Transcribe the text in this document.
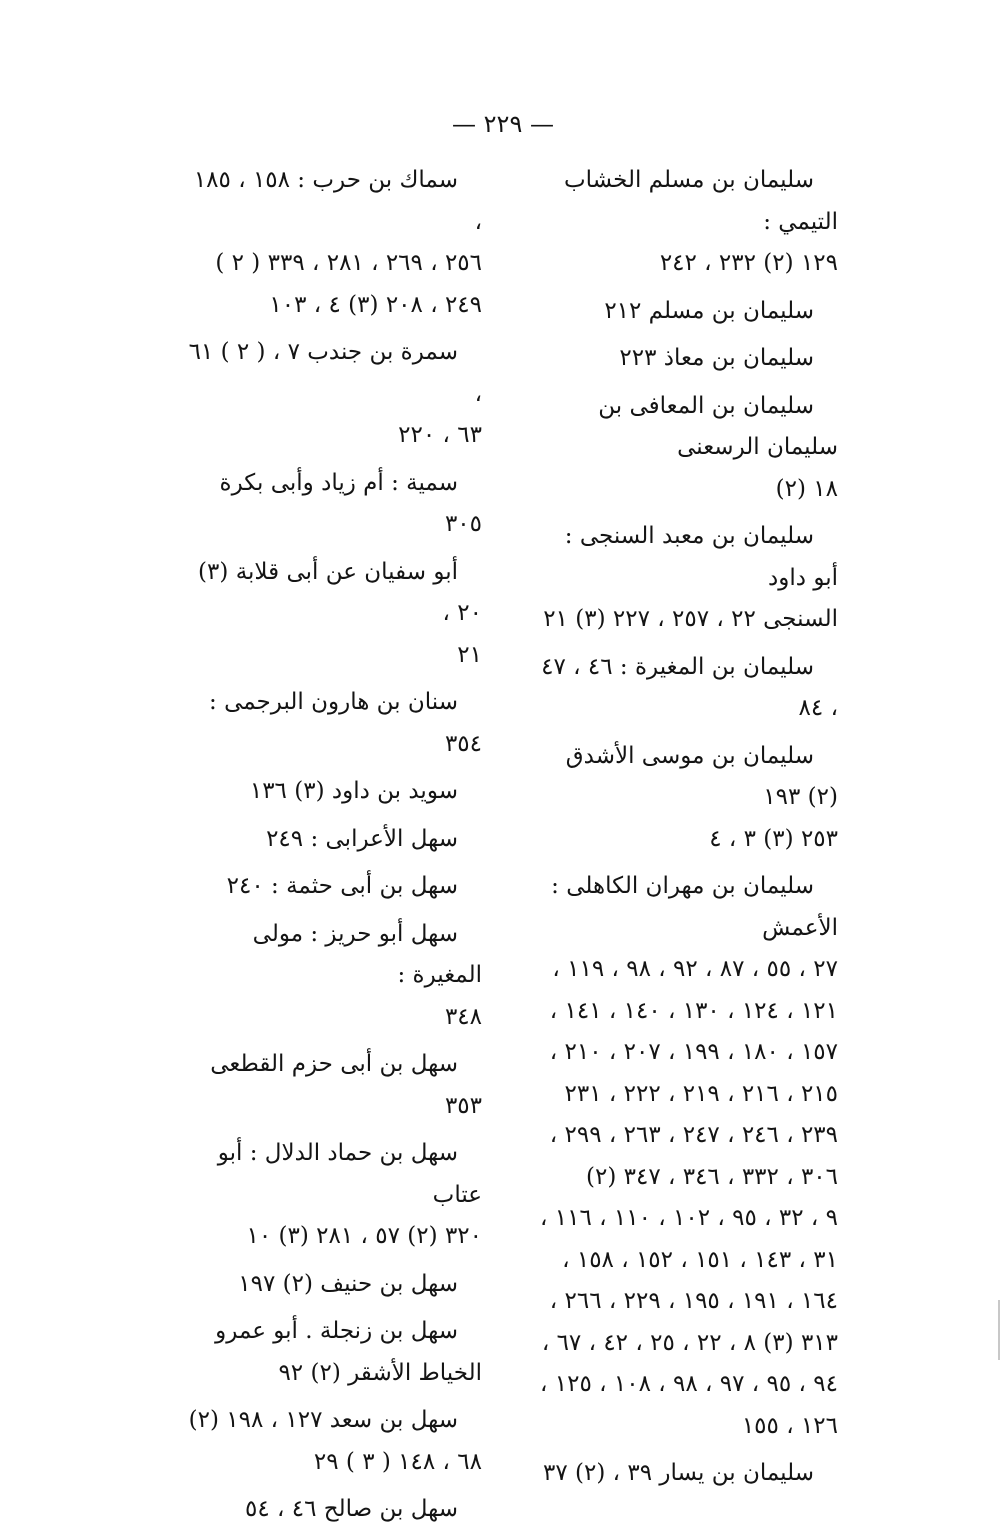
— ٢٢٩ —
سليمان بن مسلم الخشاب التيمي :
١٢٩ (٢) ٢٣٢ ، ٢٤٢
سليمان بن مسلم ٢١٢
سليمان بن معاذ ٢٢٣
سليمان بن المعافى بن سليمان الرسعنى
١٨ (٢)
سليمان بن معبد السنجى : أبو داود
السنجى ٢٢ ، ٢٥٧ ، ٢٢٧ (٣) ٢١
سليمان بن المغيرة : ٤٦ ، ٤٧ ، ٨٤
سليمان بن موسى الأشدق (٢) ١٩٣
٢٥٣ (٣) ٣ ، ٤
سليمان بن مهران الكاهلى : الأعمش
٢٧ ، ٥٥ ، ٨٧ ، ٩٢ ، ٩٨ ، ١١٩ ،
١٢١ ، ١٢٤ ، ١٣٠ ، ١٤٠ ، ١٤١ ،
١٥٧ ، ١٨٠ ، ١٩٩ ، ٢٠٧ ، ٢١٠ ،
٢١٥ ، ٢١٦ ، ٢١٩ ، ٢٢٢ ، ٢٣١
٢٣٩ ، ٢٤٦ ، ٢٤٧ ، ٢٦٣ ، ٢٩٩ ،
٣٠٦ ، ٣٣٢ ، ٣٤٦ ، ٣٤٧ (٢)
٩ ، ٣٢ ، ٩٥ ، ١٠٢ ، ١١٠ ، ١١٦ ،
٣١ ، ١٤٣ ، ١٥١ ، ١٥٢ ، ١٥٨ ،
١٦٤ ، ١٩١ ، ١٩٥ ، ٢٢٩ ، ٢٦٦ ،
٣١٣ (٣) ٨ ، ٢٢ ، ٢٥ ، ٤٢ ، ٦٧ ،
٩٤ ، ٩٥ ، ٩٧ ، ٩٨ ، ١٠٨ ، ١٢٥ ،
١٢٦ ، ١٥٥
سليمان بن يسار ٣٩ ، (٢) ٣٧
سماك بن حرب : ١٥٨ ، ١٨٥ ،
٢٥٦ ، ٢٦٩ ، ٢٨١ ، ٣٣٩ ( ٢ )
٢٤٩ ، ٢٠٨ (٣) ٤ ، ١٠٣
سمرة بن جندب ٧ ، ( ٢ ) ٦١ ،
٦٣ ، ٢٢٠
سمية : أم زياد وأبى بكرة ٣٠٥
أبو سفيان عن أبى قلابة (٣) ٢٠ ،
٢١
سنان بن هارون البرجمى : ٣٥٤
سويد بن داود (٣) ١٣٦
سهل الأعرابى : ٢٤٩
سهل بن أبى حثمة : ٢٤٠
سهل أبو حريز : مولى المغيرة :
٣٤٨
سهل بن أبى حزم القطعى ٣٥٣
سهل بن حماد الدلال : أبو عتاب
٣٢٠ (٢) ٥٧ ، ٢٨١ (٣) ١٠
سهل بن حنيف (٢) ١٩٧
سهل بن زنجلة . أبو عمرو
الخياط الأشقر (٢) ٩٢
سهل بن سعد ١٢٧ ، ١٩٨ (٢)
٦٨ ، ١٤٨ ( ٣ ) ٢٩
سهل بن صالح ٤٦ ، ٥٤
